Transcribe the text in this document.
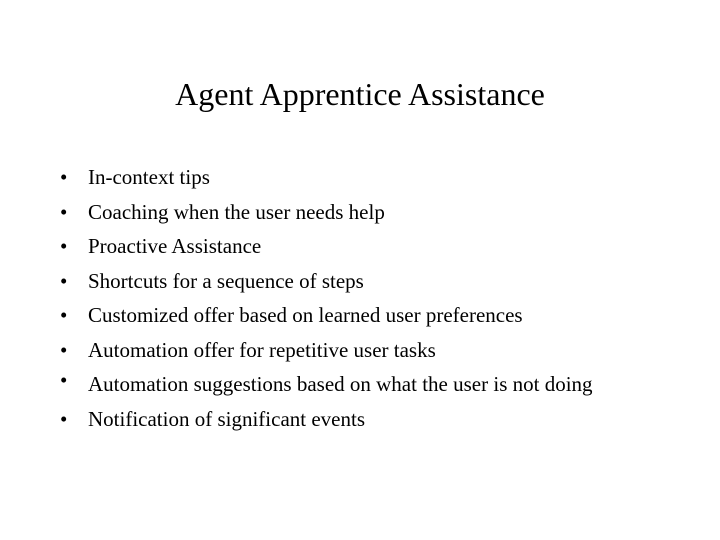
Agent Apprentice Assistance
• In-context tips
• Coaching when the user needs help
• Proactive Assistance
• Shortcuts for a sequence of steps
• Customized offer based on learned user preferences
• Automation offer for repetitive user tasks
• Automation suggestions based on what the user is not doing
• Notification of significant events
